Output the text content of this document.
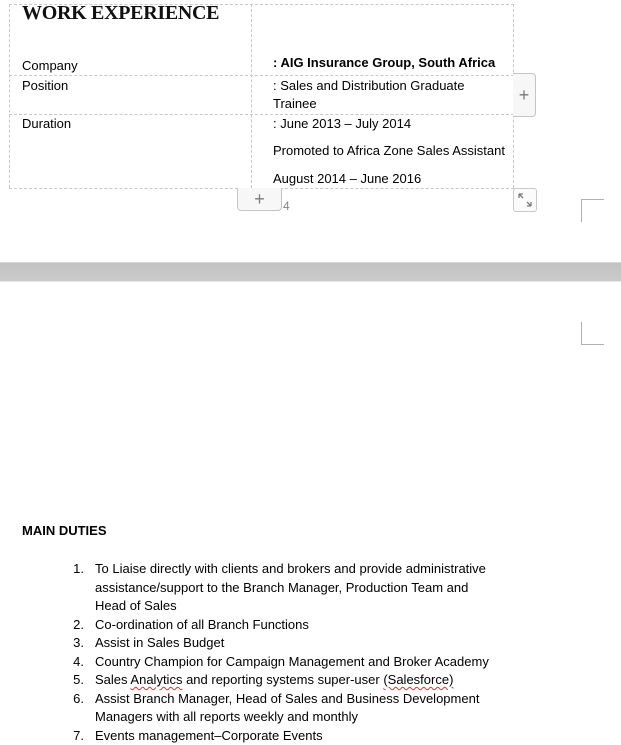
WORK EXPERIENCE
Company	: AIG Insurance Group, South Africa
Position	: Sales and Distribution Graduate
Trainee
Duration	: June 2013 – July 2014
Promoted to Africa Zone Sales Assistant
August 2014 – June 2016
+
+	4
MAIN DUTIES
1. To Liaise directly with clients and brokers and provide administrative
assistance/support to the Branch Manager, Production Team and
Head of Sales
2. Co-ordination of all Branch Functions
3. Assist in Sales Budget
4. Country Champion for Campaign Management and Broker Academy
5. Sales Analytics and reporting systems super-user (Salesforce)
6. Assist Branch Manager, Head of Sales and Business Development
Managers with all reports weekly and monthly
7. Events management–Corporate Events
